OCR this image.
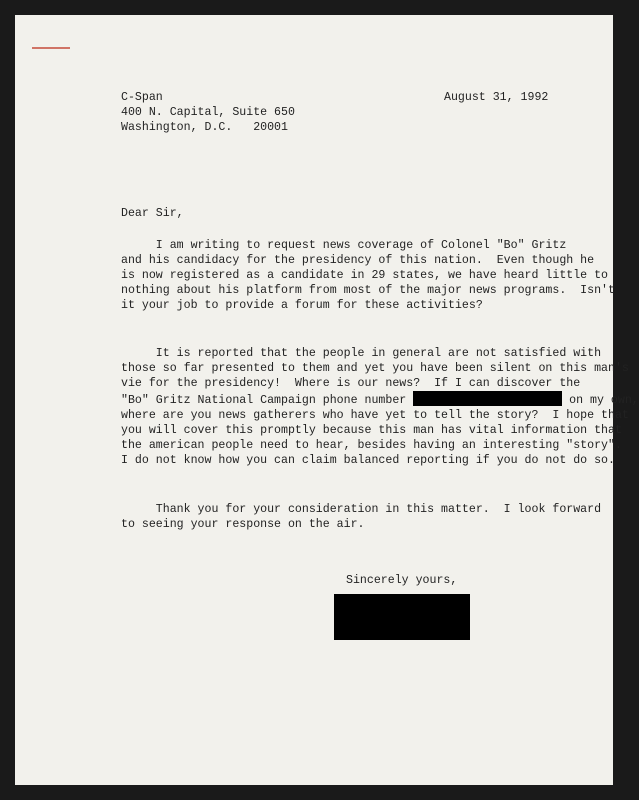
C-Span
400 N. Capital, Suite 650
Washington, D.C.   20001
August 31, 1992
Dear Sir,
I am writing to request news coverage of Colonel "Bo" Gritz
and his candidacy for the presidency of this nation.  Even though he
is now registered as a candidate in 29 states, we have heard little to
nothing about his platform from most of the major news programs.  Isn't
it your job to provide a forum for these activities?
It is reported that the people in general are not satisfied with
those so far presented to them and yet you have been silent on this man's
vie for the presidency!  Where is our news?  If I can discover the
"Bo" Gritz National Campaign phone number	on my own,
where are you news gatherers who have yet to tell the story?  I hope that
you will cover this promptly because this man has vital information that
the american people need to hear, besides having an interesting "story".
I do not know how you can claim balanced reporting if you do not do so.
Thank you for your consideration in this matter.  I look forward
to seeing your response on the air.
Sincerely yours,
